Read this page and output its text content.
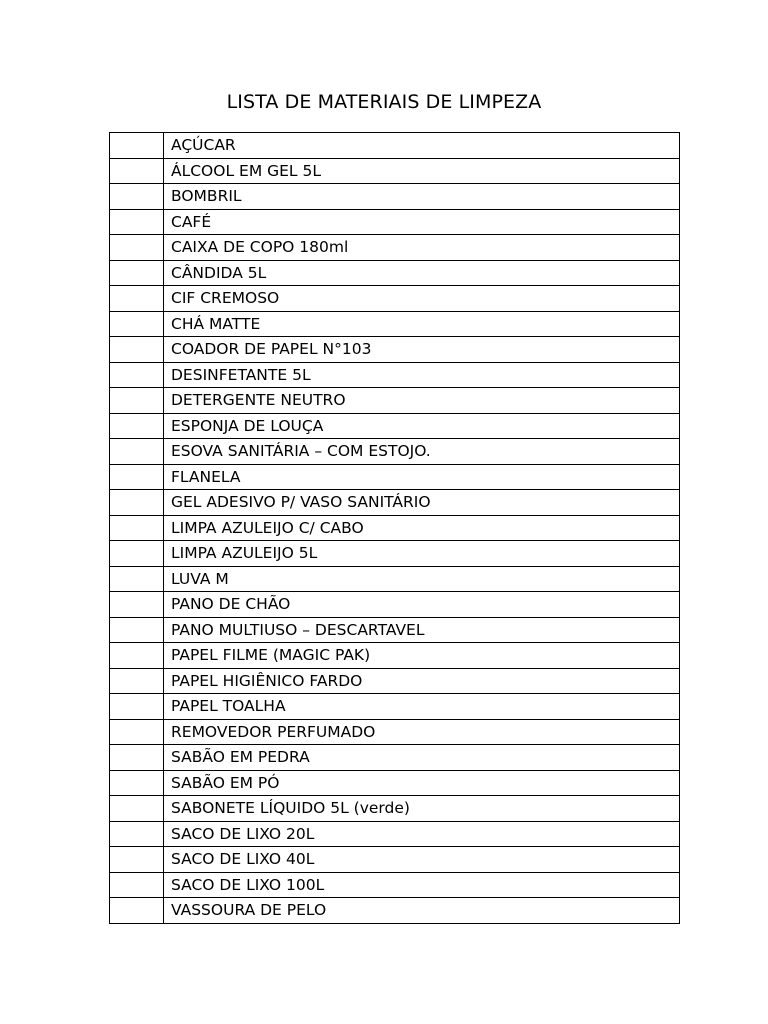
LISTA DE MATERIAIS DE LIMPEZA
	AÇÚCAR
	ÁLCOOL EM GEL 5L
	BOMBRIL
	CAFÉ
	CAIXA DE COPO 180ml
	CÂNDIDA 5L
	CIF CREMOSO
	CHÁ MATTE
	COADOR DE PAPEL N°103
	DESINFETANTE 5L
	DETERGENTE NEUTRO
	ESPONJA DE LOUÇA
	ESOVA SANITÁRIA – COM ESTOJO.
	FLANELA
	GEL ADESIVO P/ VASO SANITÁRIO
	LIMPA AZULEIJO C/ CABO
	LIMPA AZULEIJO 5L
	LUVA M
	PANO DE CHÃO
	PANO MULTIUSO – DESCARTAVEL
	PAPEL FILME (MAGIC PAK)
	PAPEL HIGIÊNICO FARDO
	PAPEL TOALHA
	REMOVEDOR PERFUMADO
	SABÃO EM PEDRA
	SABÃO EM PÓ
	SABONETE LÍQUIDO 5L (verde)
	SACO DE LIXO 20L
	SACO DE LIXO 40L
	SACO DE LIXO 100L
	VASSOURA DE PELO
